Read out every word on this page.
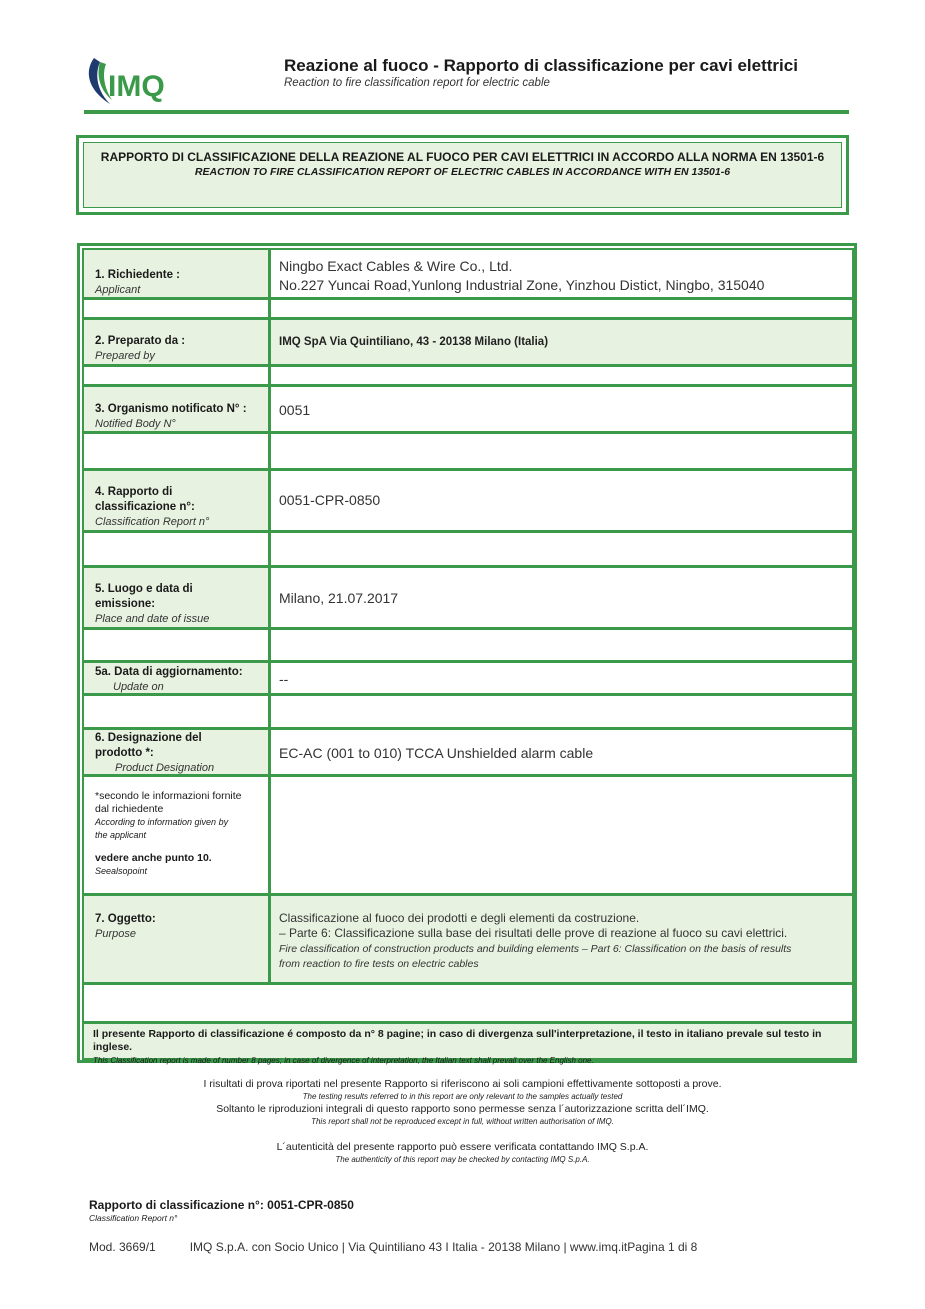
IMQ
Reazione al fuoco - Rapporto di classificazione per cavi elettrici
Reaction to fire classification report for electric cable
RAPPORTO DI CLASSIFICAZIONE DELLA REAZIONE AL FUOCO PER CAVI ELETTRICI IN ACCORDO ALLA NORMA EN 13501-6
REACTION TO FIRE CLASSIFICATION REPORT OF ELECTRIC CABLES IN ACCORDANCE WITH EN 13501-6
1. Richiedente :
Applicant
Ningbo Exact Cables & Wire Co., Ltd.
No.227 Yuncai Road,Yunlong Industrial Zone, Yinzhou Distict, Ningbo, 315040
2. Preparato da :
Prepared by
IMQ SpA Via Quintiliano, 43 - 20138 Milano (Italia)
3. Organismo notificato N° :
Notified Body N°
0051
4. Rapporto di
classificazione n°:
Classification Report n°
0051-CPR-0850
5. Luogo e data di
emissione:
Place and date of issue
Milano, 21.07.2017
5a. Data di aggiornamento:
Update on	--
6. Designazione del
prodotto *:
Product Designation
EC-AC (001 to 010) TCCA Unshielded alarm cable
*secondo le informazioni fornite
dal richiedente
According to information given by
the applicant

vedere anche punto 10.
Seealsopoint
7. Oggetto:
Purpose
Classificazione al fuoco dei prodotti e degli elementi da costruzione.
– Parte 6: Classificazione sulla base dei risultati delle prove di reazione al fuoco su cavi elettrici.
Fire classification of construction products and building elements – Part 6: Classification on the basis of results
from reaction to fire tests on electric cables
Il presente Rapporto di classificazione é composto da n° 8 pagine; in caso di divergenza sull'interpretazione, il testo in italiano prevale sul testo in inglese.
This Classification report is made of number 8 pages; in case of divergence of interpretation, the Italian text shall prevail over the English one.
I risultati di prova riportati nel presente Rapporto si riferiscono ai soli campioni effettivamente sottoposti a prove.
The testing results referred to in this report are only relevant to the samples actually tested
Soltanto le riproduzioni integrali di questo rapporto sono permesse senza l´autorizzazione scritta dell´IMQ.
This report shall not be reproduced except in full, without written authorisation of IMQ.
L´autenticità del presente rapporto può essere verificata contattando IMQ S.p.A.
The authenticity of this report may be checked by contacting IMQ S.p.A.
Rapporto di classificazione n°: 0051-CPR-0850
Classification Report n°
Mod. 3669/1	IMQ S.p.A. con Socio Unico | Via Quintiliano 43 I Italia - 20138 Milano | www.imq.itPagina 1 di 8
